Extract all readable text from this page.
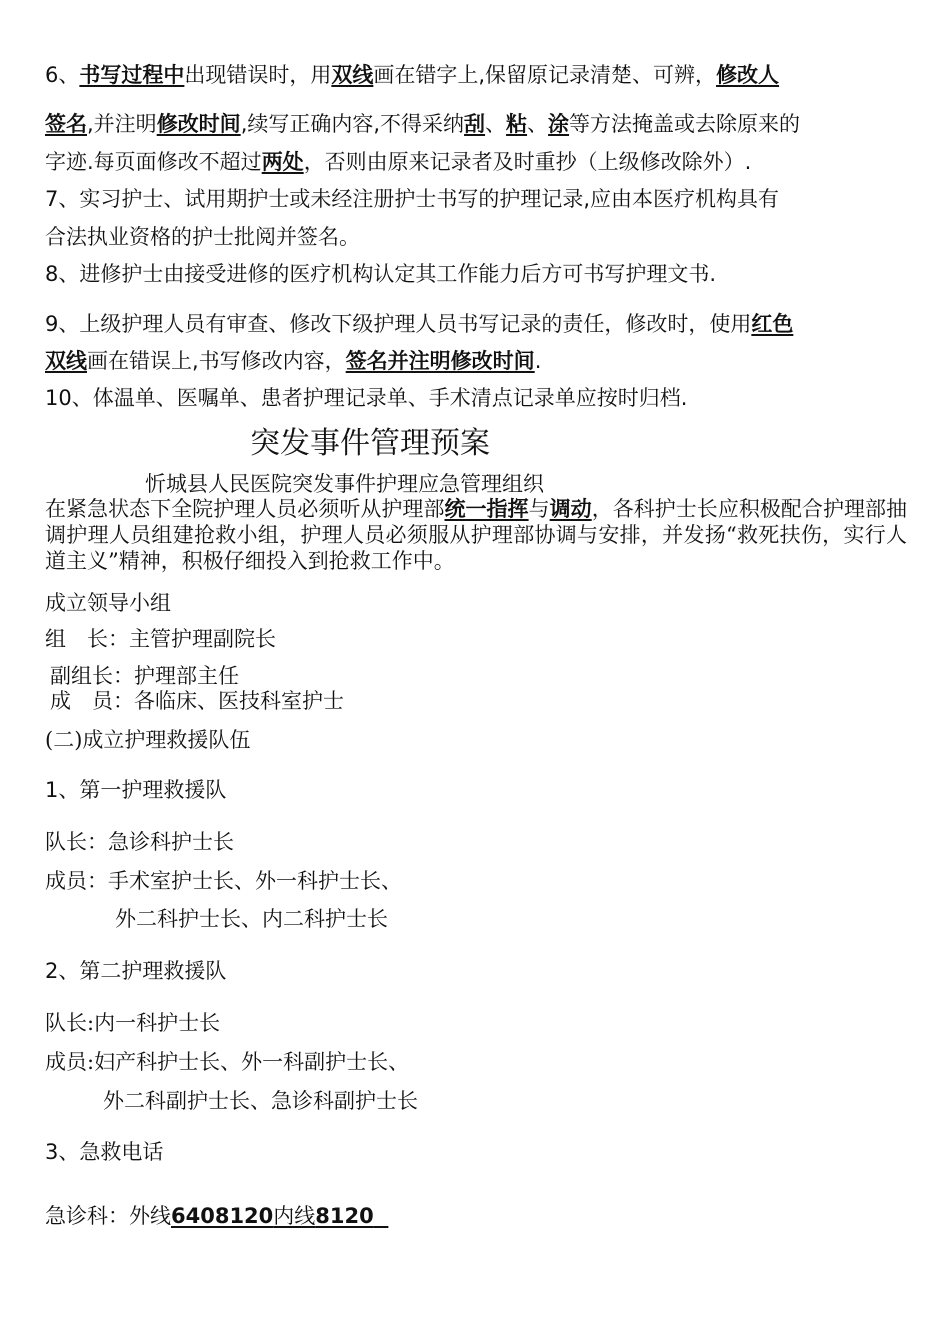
6、书写过程中出现错误时，用双线画在错字上,保留原记录清楚、可辨，修改人
签名,并注明修改时间,续写正确内容,不得采纳刮、粘、涂等方法掩盖或去除原来的
字迹.每页面修改不超过两处，否则由原来记录者及时重抄（上级修改除外）.
7、实习护士、试用期护士或未经注册护士书写的护理记录,应由本医疗机构具有
合法执业资格的护士批阅并签名。
8、进修护士由接受进修的医疗机构认定其工作能力后方可书写护理文书.
9、上级护理人员有审查、修改下级护理人员书写记录的责任，修改时，使用红色
双线画在错误上,书写修改内容，签名并注明修改时间.
10、体温单、医嘱单、患者护理记录单、手术清点记录单应按时归档.
突发事件管理预案
忻城县人民医院突发事件护理应急管理组织
在紧急状态下全院护理人员必须听从护理部统一指挥与调动，各科护士长应积极配合护理部抽调护理人员组建抢救小组，护理人员必须服从护理部协调与安排，并发扬“救死扶伤，实行人道主义”精神，积极仔细投入到抢救工作中。
成立领导小组
组　长：主管护理副院长
副组长：护理部主任
成　员：各临床、医技科室护士
(二)成立护理救援队伍
1、第一护理救援队
队长：急诊科护士长
成员：手术室护士长、外一科护士长、
外二科护士长、内二科护士长
2、第二护理救援队
队长:内一科护士长
成员:妇产科护士长、外一科副护士长、
外二科副护士长、急诊科副护士长
3、急救电话
急诊科：外线6408120内线8120
